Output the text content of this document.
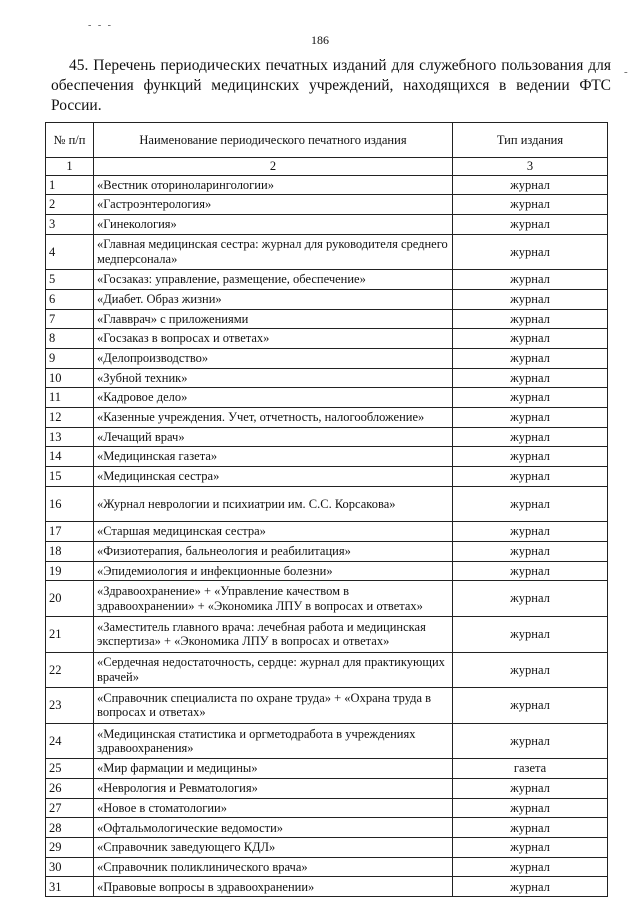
- - -
-
186
45. Перечень периодических печатных изданий для служебного пользования для обеспечения функций медицинских учреждений, находящихся в ведении ФТС России.
№ п/п	Наименование периодического печатного издания	Тип издания
1	2	3
1	«Вестник оториноларингологии»	журнал
2	«Гастроэнтерология»	журнал
3	«Гинекология»	журнал
4	«Главная медицинская сестра: журнал для руководителя среднего медперсонала»	журнал
5	«Госзаказ: управление, размещение, обеспечение»	журнал
6	«Диабет. Образ жизни»	журнал
7	«Главврач» с приложениями	журнал
8	«Госзаказ в вопросах и ответах»	журнал
9	«Делопроизводство»	журнал
10	«Зубной техник»	журнал
11	«Кадровое дело»	журнал
12	«Казенные учреждения. Учет, отчетность, налогообложение»	журнал
13	«Лечащий врач»	журнал
14	«Медицинская газета»	журнал
15	«Медицинская сестра»	журнал
16	«Журнал неврологии и психиатрии им. С.С. Корсакова»	журнал
17	«Старшая медицинская сестра»	журнал
18	«Физиотерапия, бальнеология и реабилитация»	журнал
19	«Эпидемиология и инфекционные болезни»	журнал
20	«Здравоохранение» + «Управление качеством в здравоохранении» + «Экономика ЛПУ в вопросах и ответах»	журнал
21	«Заместитель главного врача: лечебная работа и медицинская экспертиза» + «Экономика ЛПУ в вопросах и ответах»	журнал
22	«Сердечная недостаточность, сердце: журнал для практикующих врачей»	журнал
23	«Справочник специалиста по охране труда» + «Охрана труда в вопросах и ответах»	журнал
24	«Медицинская статистика и оргметодработа в учреждениях здравоохранения»	журнал
25	«Мир фармации и медицины»	газета
26	«Неврология и Ревматология»	журнал
27	«Новое в стоматологии»	журнал
28	«Офтальмологические ведомости»	журнал
29	«Справочник заведующего КДЛ»	журнал
30	«Справочник поликлинического врача»	журнал
31	«Правовые вопросы в здравоохранении»	журнал
